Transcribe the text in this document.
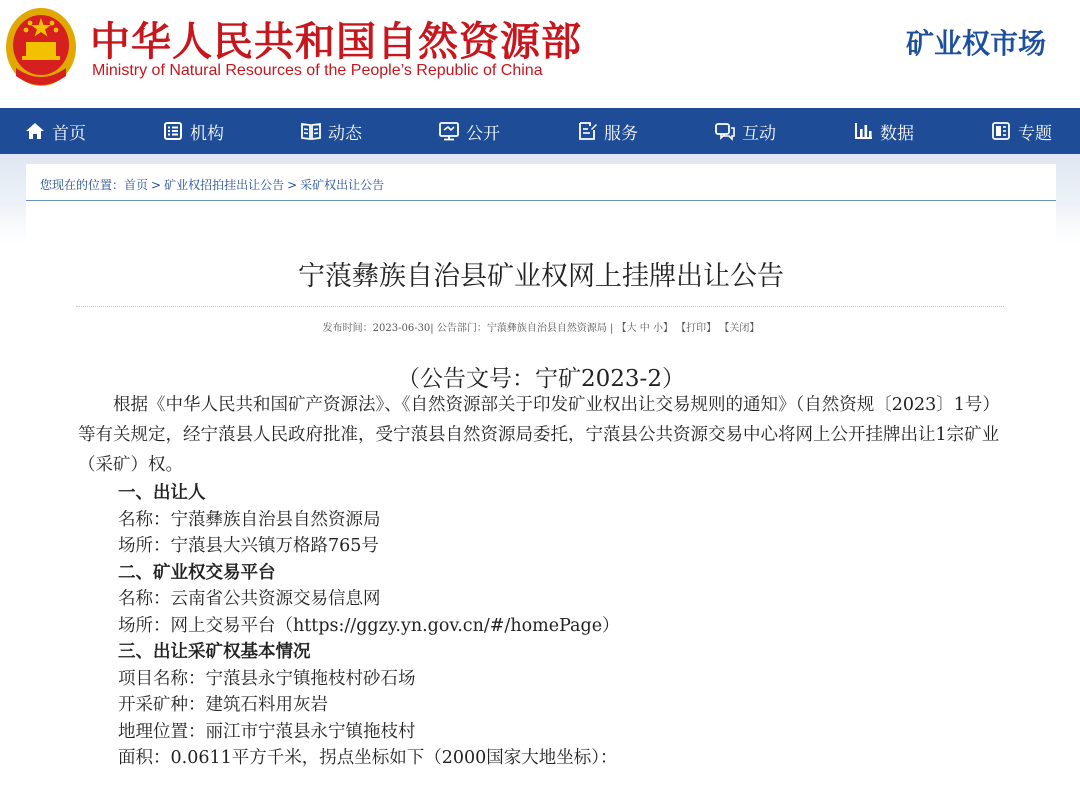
中华人民共和国自然资源部
Ministry of Natural Resources of the People’s Republic of China
矿业权市场
首页	机构	动态	公开	服务	互动	数据	专题
您现在的位置：首页 > 矿业权招拍挂出让公告 > 采矿权出让公告
宁蒗彝族自治县矿业权网上挂牌出让公告
发布时间：2023-06-30| 公告部门：宁蒗彝族自治县自然资源局 | 【大 中 小】 【打印】 【关闭】
（公告文号：宁矿2023-2）

根据《中华人民共和国矿产资源法》、《自然资源部关于印发矿业权出让交易规则的通知》（自然资规〔2023〕1号）等有关规定，经宁蒗县人民政府批准，受宁蒗县自然资源局委托，宁蒗县公共资源交易中心将网上公开挂牌出让1宗矿业（采矿）权。

一、出让人

名称：宁蒗彝族自治县自然资源局

场所：宁蒗县大兴镇万格路765号

二、矿业权交易平台

名称：云南省公共资源交易信息网

场所：网上交易平台（https://ggzy.yn.gov.cn/#/homePage）

三、出让采矿权基本情况

项目名称：宁蒗县永宁镇拖枝村砂石场

开采矿种：建筑石料用灰岩

地理位置：丽江市宁蒗县永宁镇拖枝村

面积：0.0611平方千米，拐点坐标如下（2000国家大地坐标）：
